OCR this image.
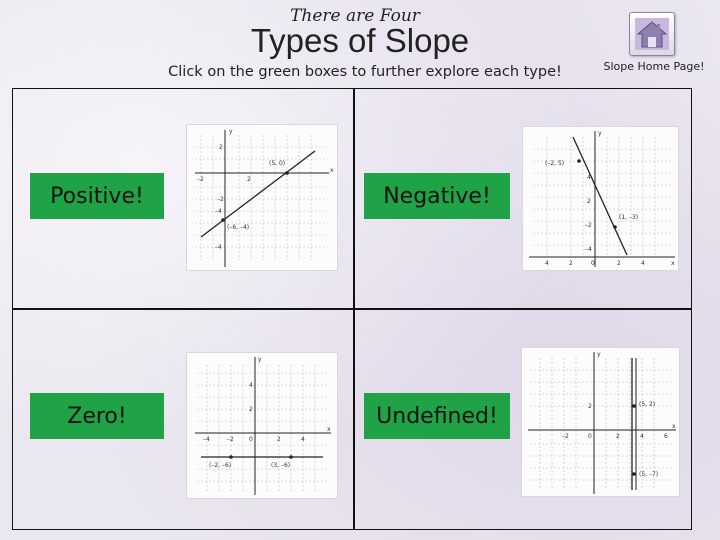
There are Four
Types of Slope
Click on the green boxes to further explore each type!	Slope Home Page!
Positive!	Negative!
Zero!	Undefined!
y
x
(5, 0)
(–6, –4)
2
2
–2
–2
–4
–4
y
x
(–2, 5)
(1, –3)
4
2
–2
–4
4	2	0	2	4
y
x
(–2, –6)	(3, –6)
4
2
–4	–2	0	2	4
y
x
(5, 2)
(5, –7)
2
–2	0	2	4	6
